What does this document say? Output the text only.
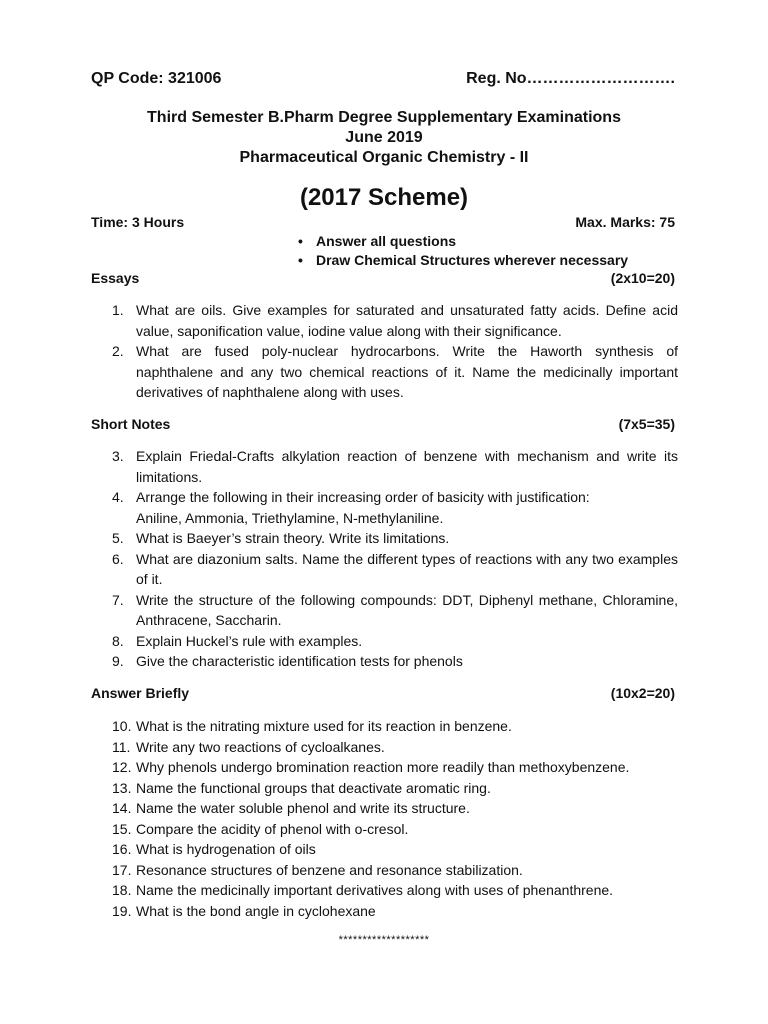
QP Code: 321006	Reg. No……………………….
Third Semester B.Pharm Degree Supplementary Examinations
June 2019
Pharmaceutical Organic Chemistry - II
(2017 Scheme)
Time: 3 Hours	Max. Marks: 75
• Answer all questions
• Draw Chemical Structures wherever necessary
Essays	(2x10=20)
1. What are oils. Give examples for saturated and unsaturated fatty acids. Define acid value, saponification value, iodine value along with their significance.
2. What are fused poly-nuclear hydrocarbons. Write the Haworth synthesis of naphthalene and any two chemical reactions of it. Name the medicinally important derivatives of naphthalene along with uses.
Short Notes	(7x5=35)
3. Explain Friedal-Crafts alkylation reaction of benzene with mechanism and write its limitations.
4. Arrange the following in their increasing order of basicity with justification:
Aniline, Ammonia, Triethylamine, N-methylaniline.
5. What is Baeyer’s strain theory. Write its limitations.
6. What are diazonium salts. Name the different types of reactions with any two examples of it.
7. Write the structure of the following compounds: DDT, Diphenyl methane, Chloramine, Anthracene, Saccharin.
8. Explain Huckel’s rule with examples.
9. Give the characteristic identification tests for phenols
Answer Briefly	(10x2=20)
10. What is the nitrating mixture used for its reaction in benzene.
11. Write any two reactions of cycloalkanes.
12. Why phenols undergo bromination reaction more readily than methoxybenzene.
13. Name the functional groups that deactivate aromatic ring.
14. Name the water soluble phenol and write its structure.
15. Compare the acidity of phenol with o-cresol.
16. What is hydrogenation of oils
17. Resonance structures of benzene and resonance stabilization.
18. Name the medicinally important derivatives along with uses of phenanthrene.
19. What is the bond angle in cyclohexane
*******************
